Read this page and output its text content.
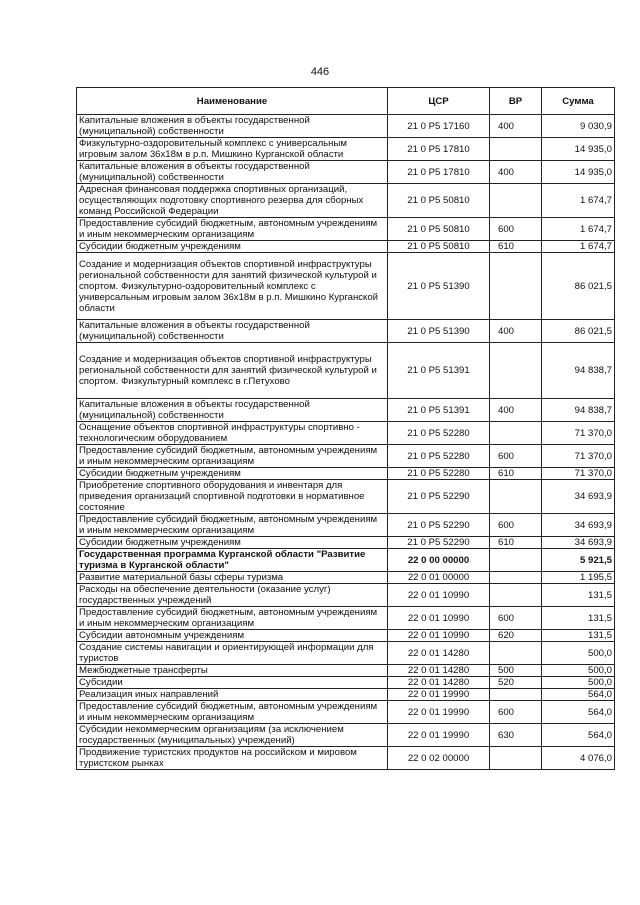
446
Наименование	ЦСР	ВР	Сумма
Капитальные вложения в объекты государственной (муниципальной) собственности	21 0 P5 17160	400	9 030,9
Физкультурно-оздоровительный комплекс с универсальным игровым залом 36х18м в р.п. Мишкино Курганской области	21 0 P5 17810		14 935,0
Капитальные вложения в объекты государственной (муниципальной) собственности	21 0 P5 17810	400	14 935,0
Адресная финансовая поддержка спортивных организаций, осуществляющих подготовку спортивного резерва для сборных команд Российской Федерации	21 0 P5 50810		1 674,7
Предоставление субсидий бюджетным, автономным учреждениям и иным некоммерческим организациям	21 0 P5 50810	600	1 674,7
Субсидии бюджетным учреждениям	21 0 P5 50810	610	1 674,7
Создание и модернизация объектов спортивной инфраструктуры региональной собственности для занятий физической культурой и спортом. Физкультурно-оздоровительный комплекс с универсальным игровым залом 36х18м в р.п. Мишкино Курганской области	21 0 P5 51390		86 021,5
Капитальные вложения в объекты государственной (муниципальной) собственности	21 0 P5 51390	400	86 021,5
Создание и модернизация объектов спортивной инфраструктуры региональной собственности для занятий физической культурой и спортом. Физкультурный комплекс в г.Петухово	21 0 P5 51391		94 838,7
Капитальные вложения в объекты государственной (муниципальной) собственности	21 0 P5 51391	400	94 838,7
Оснащение объектов спортивной инфраструктуры спортивно - технологическим оборудованием	21 0 P5 52280		71 370,0
Предоставление субсидий бюджетным, автономным учреждениям и иным некоммерческим организациям	21 0 P5 52280	600	71 370,0
Субсидии бюджетным учреждениям	21 0 P5 52280	610	71 370,0
Приобретение спортивного оборудования и инвентаря для приведения организаций спортивной подготовки в нормативное состояние	21 0 P5 52290		34 693,9
Предоставление субсидий бюджетным, автономным учреждениям и иным некоммерческим организациям	21 0 P5 52290	600	34 693,9
Субсидии бюджетным учреждениям	21 0 P5 52290	610	34 693,9
Государственная программа Курганской области "Развитие туризма в Курганской области"	22 0 00 00000		5 921,5
Развитие материальной базы сферы туризма	22 0 01 00000		1 195,5
Расходы на обеспечение деятельности (оказание услуг) государственных учреждений	22 0 01 10990		131,5
Предоставление субсидий бюджетным, автономным учреждениям и иным некоммерческим организациям	22 0 01 10990	600	131,5
Субсидии автономным учреждениям	22 0 01 10990	620	131,5
Создание системы навигации и ориентирующей информации для туристов	22 0 01 14280		500,0
Межбюджетные трансферты	22 0 01 14280	500	500,0
Субсидии	22 0 01 14280	520	500,0
Реализация иных направлений	22 0 01 19990		564,0
Предоставление субсидий бюджетным, автономным учреждениям и иным некоммерческим организациям	22 0 01 19990	600	564,0
Субсидии некоммерческим организациям (за исключением государственных (муниципальных) учреждений)	22 0 01 19990	630	564,0
Продвижение туристских продуктов на российском и мировом туристском рынках	22 0 02 00000		4 076,0
